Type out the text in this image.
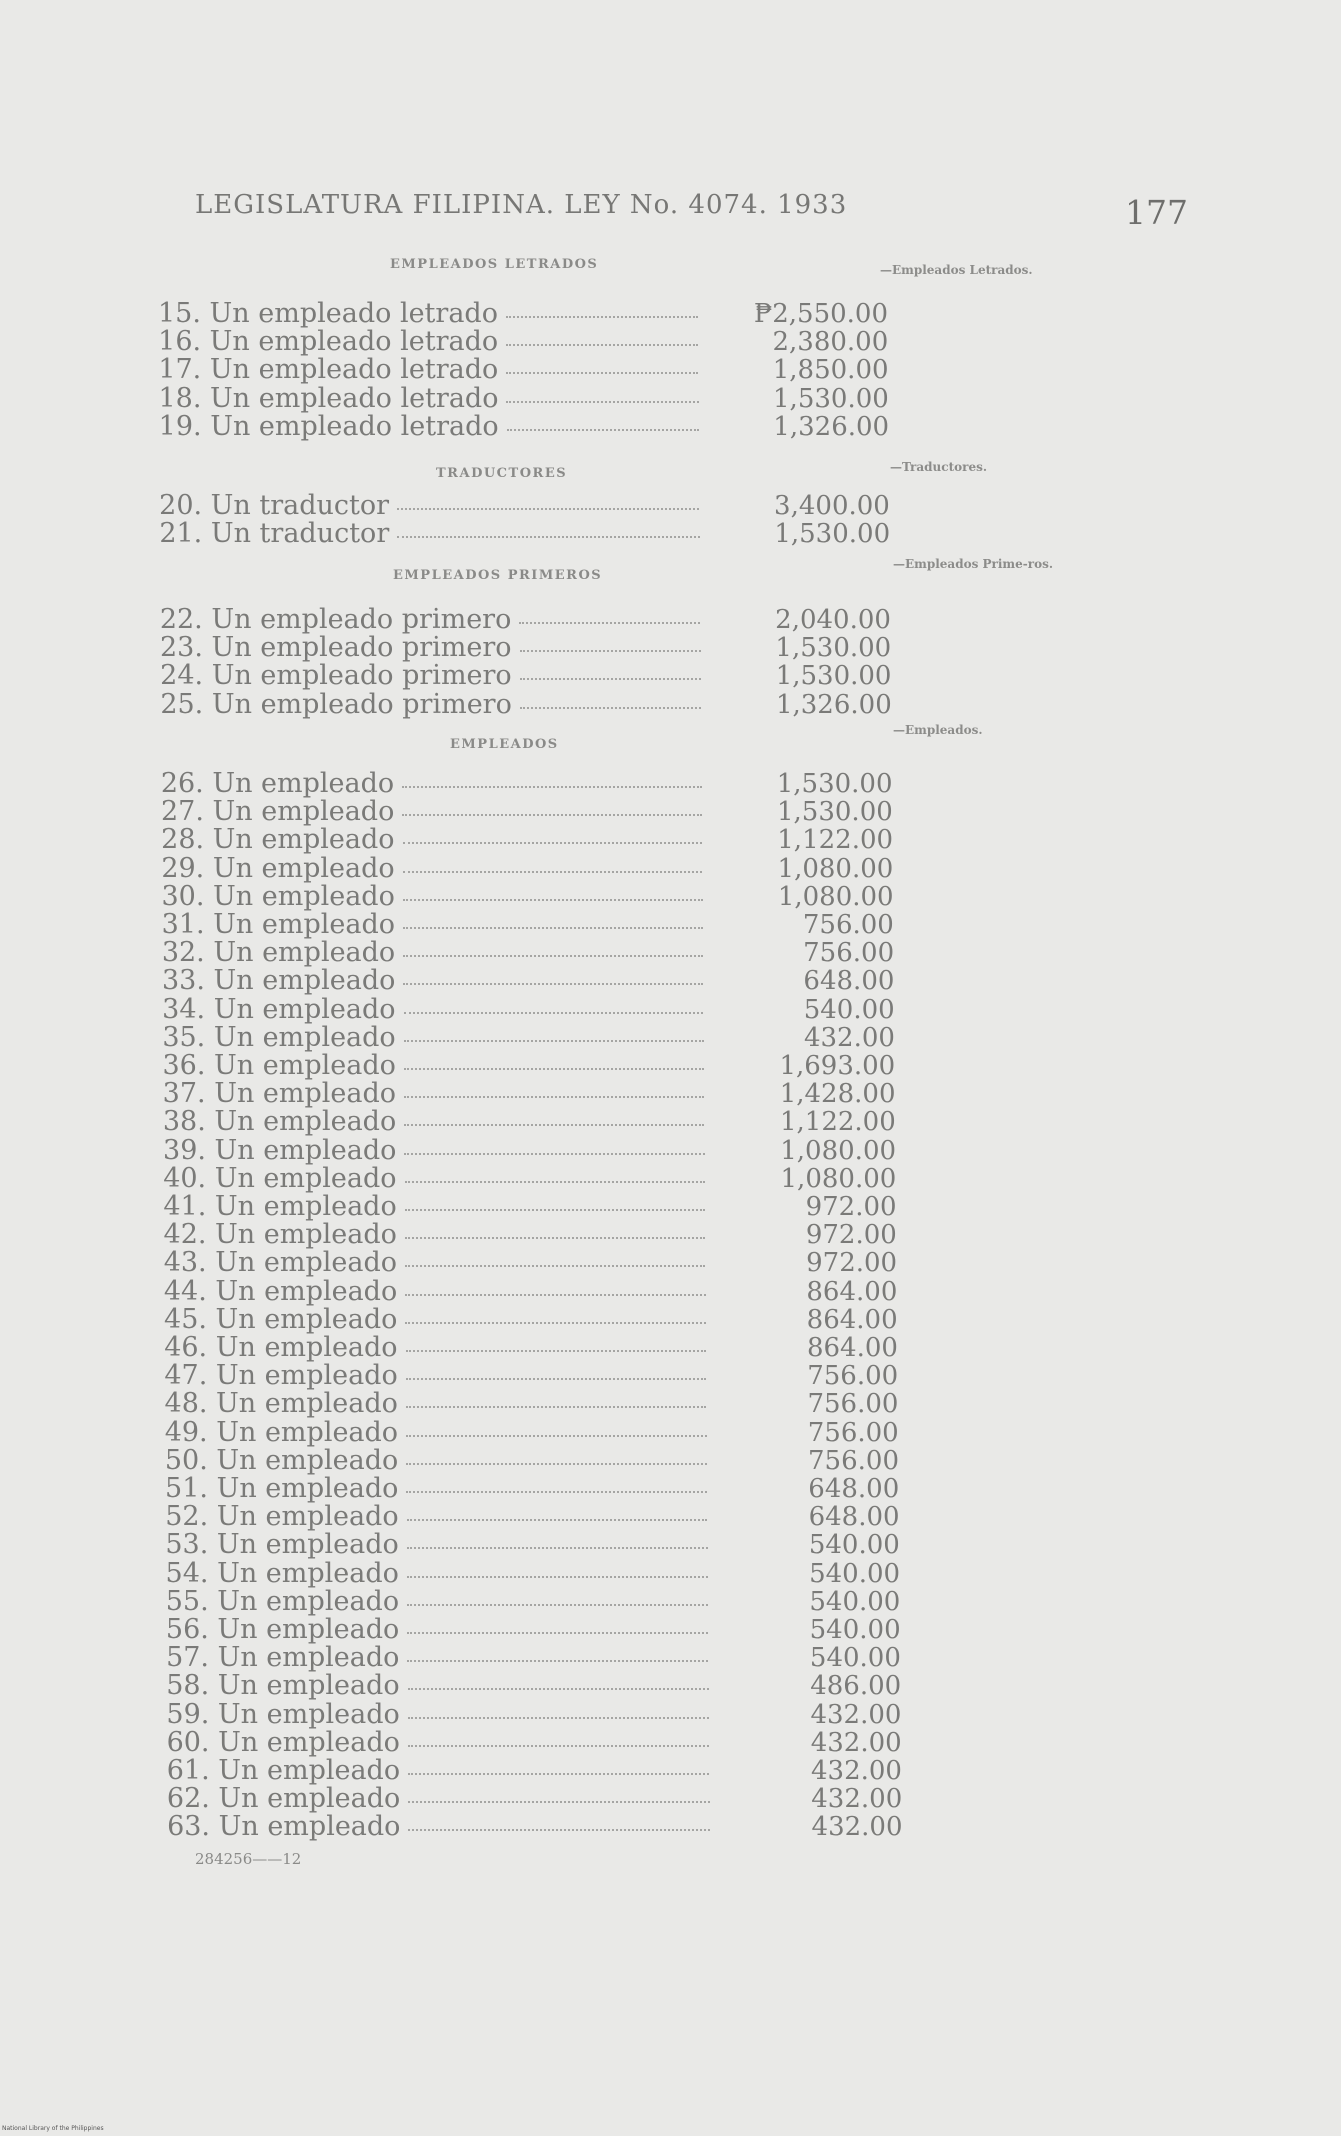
LEGISLATURA FILIPINA. LEY No. 4074. 1933	177
EMPLEADOS LETRADOS	—Empleados Letrados.
15. Un empleado letrado	₱2,550.00
16. Un empleado letrado	2,380.00
17. Un empleado letrado	1,850.00
18. Un empleado letrado	1,530.00
19. Un empleado letrado	1,326.00
TRADUCTORES	—Traductores.
20. Un traductor	3,400.00
21. Un traductor	1,530.00
EMPLEADOS PRIMEROS
—Empleados Prime-ros.
22. Un empleado primero	2,040.00
23. Un empleado primero	1,530.00
24. Un empleado primero	1,530.00
25. Un empleado primero	1,326.00
EMPLEADOS
—Empleados.
26. Un empleado	1,530.00
27. Un empleado	1,530.00
28. Un empleado	1,122.00
29. Un empleado	1,080.00
30. Un empleado	1,080.00
31. Un empleado	756.00
32. Un empleado	756.00
33. Un empleado	648.00
34. Un empleado	540.00
35. Un empleado	432.00
36. Un empleado	1,693.00
37. Un empleado	1,428.00
38. Un empleado	1,122.00
39. Un empleado	1,080.00
40. Un empleado	1,080.00
41. Un empleado	972.00
42. Un empleado	972.00
43. Un empleado	972.00
44. Un empleado	864.00
45. Un empleado	864.00
46. Un empleado	864.00
47. Un empleado	756.00
48. Un empleado	756.00
49. Un empleado	756.00
50. Un empleado	756.00
51. Un empleado	648.00
52. Un empleado	648.00
53. Un empleado	540.00
54. Un empleado	540.00
55. Un empleado	540.00
56. Un empleado	540.00
57. Un empleado	540.00
58. Un empleado	486.00
59. Un empleado	432.00
60. Un empleado	432.00
61. Un empleado	432.00
62. Un empleado	432.00
63. Un empleado	432.00
284256——12
National Library of the Philippines
